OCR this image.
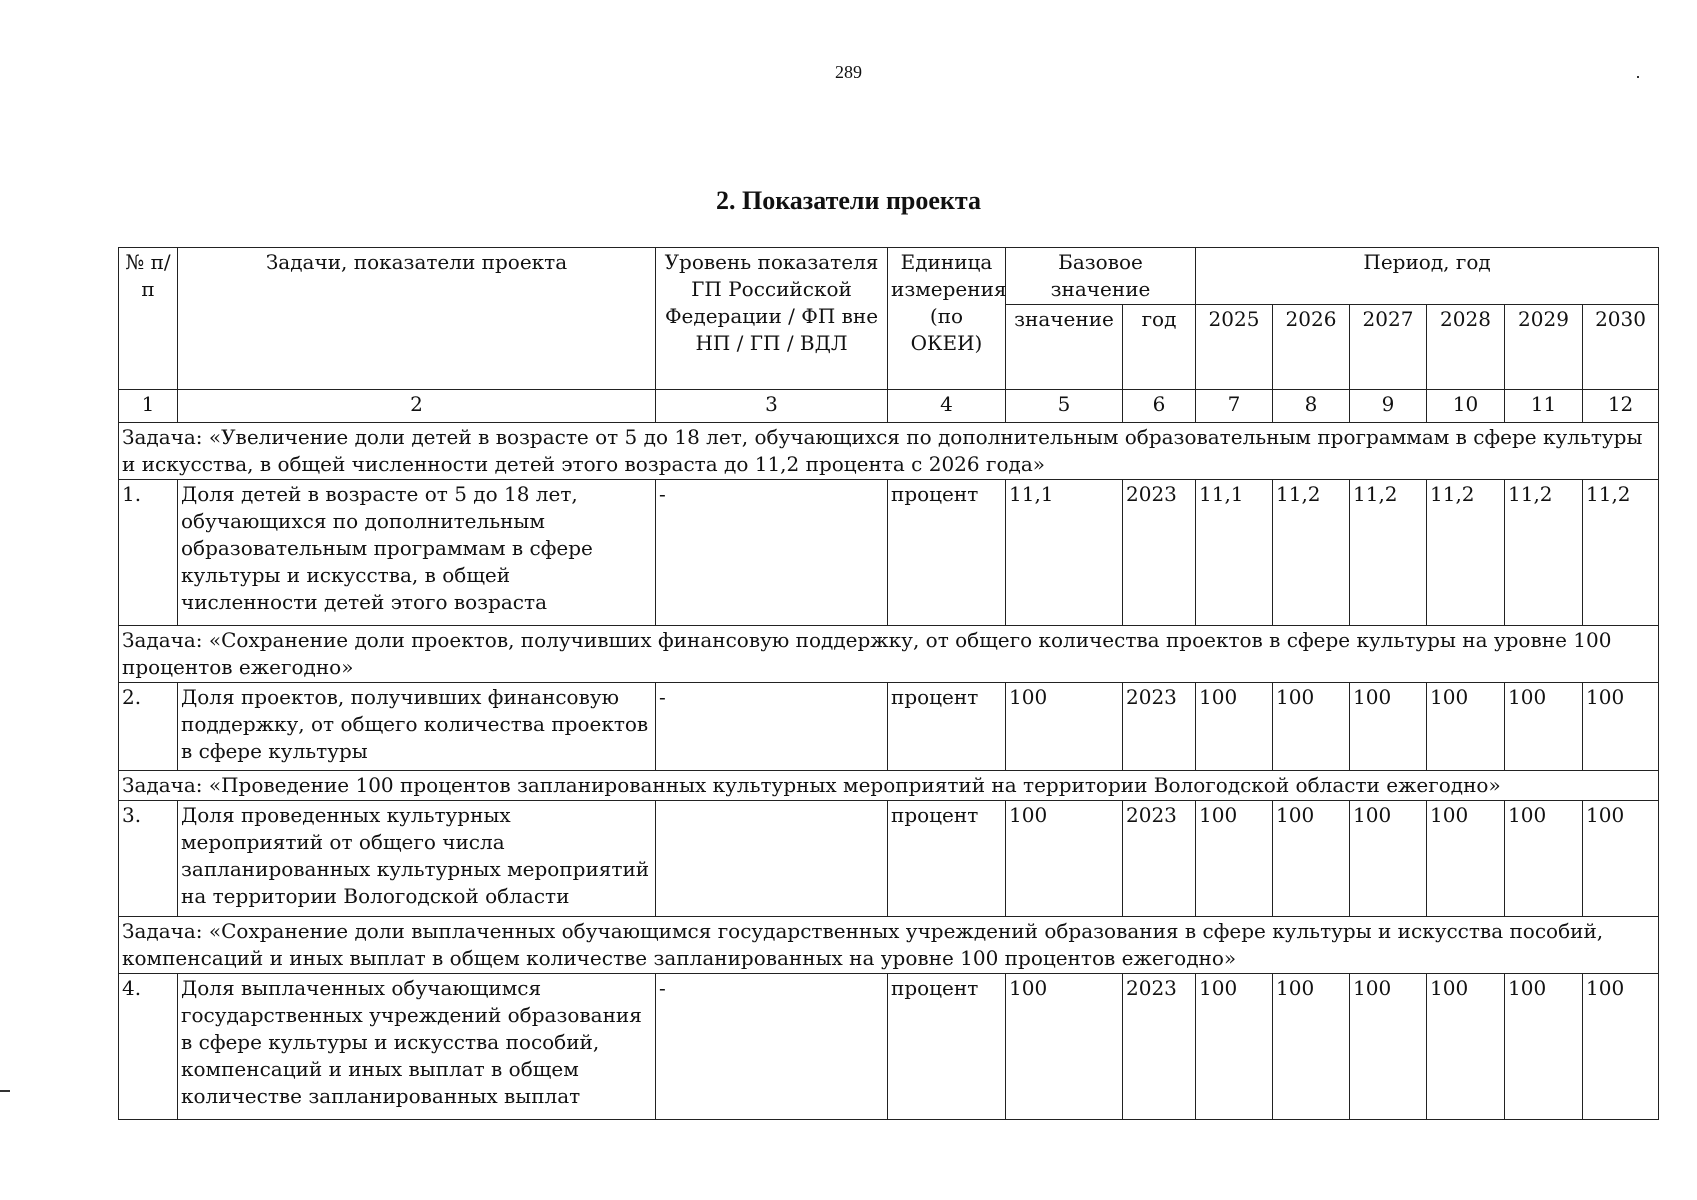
289
2. Показатели проекта
№ п/п	Задачи, показатели проекта	Уровень показателя ГП Российской Федерации / ФП вне НП / ГП / ВДЛ	Единица измерения (по ОКЕИ)	Базовое значение		Период, год					
				значение	год	2025	2026	2027	2028	2029	2030
1	2	3	4	5	6	7	8	9	10	11	12
Задача: «Увеличение доли детей в возрасте от 5 до 18 лет, обучающихся по дополнительным образовательным программам в сфере культуры и искусства, в общей численности детей этого возраста до 11,2 процента с 2026 года»											
1.	Доля детей в возрасте от 5 до 18 лет, обучающихся по дополнительным образовательным программам в сфере культуры и искусства, в общей численности детей этого возраста	-	процент	11,1	2023	11,1	11,2	11,2	11,2	11,2	11,2
Задача: «Сохранение доли проектов, получивших финансовую поддержку, от общего количества проектов в сфере культуры на уровне 100 процентов ежегодно»											
2.	Доля проектов, получивших финансовую поддержку, от общего количества проектов в сфере культуры	-	процент	100	2023	100	100	100	100	100	100
Задача: «Проведение 100 процентов запланированных культурных мероприятий на территории Вологодской области ежегодно»											
3.	Доля проведенных культурных мероприятий от общего числа запланированных культурных мероприятий на территории Вологодской области		процент	100	2023	100	100	100	100	100	100
Задача: «Сохранение доли выплаченных обучающимся государственных учреждений образования в сфере культуры и искусства пособий, компенсаций и иных выплат в общем количестве запланированных на уровне 100 процентов ежегодно»											
4.	Доля выплаченных обучающимся государственных учреждений образования в сфере культуры и искусства пособий, компенсаций и иных выплат в общем количестве запланированных выплат	-	процент	100	2023	100	100	100	100	100	100
